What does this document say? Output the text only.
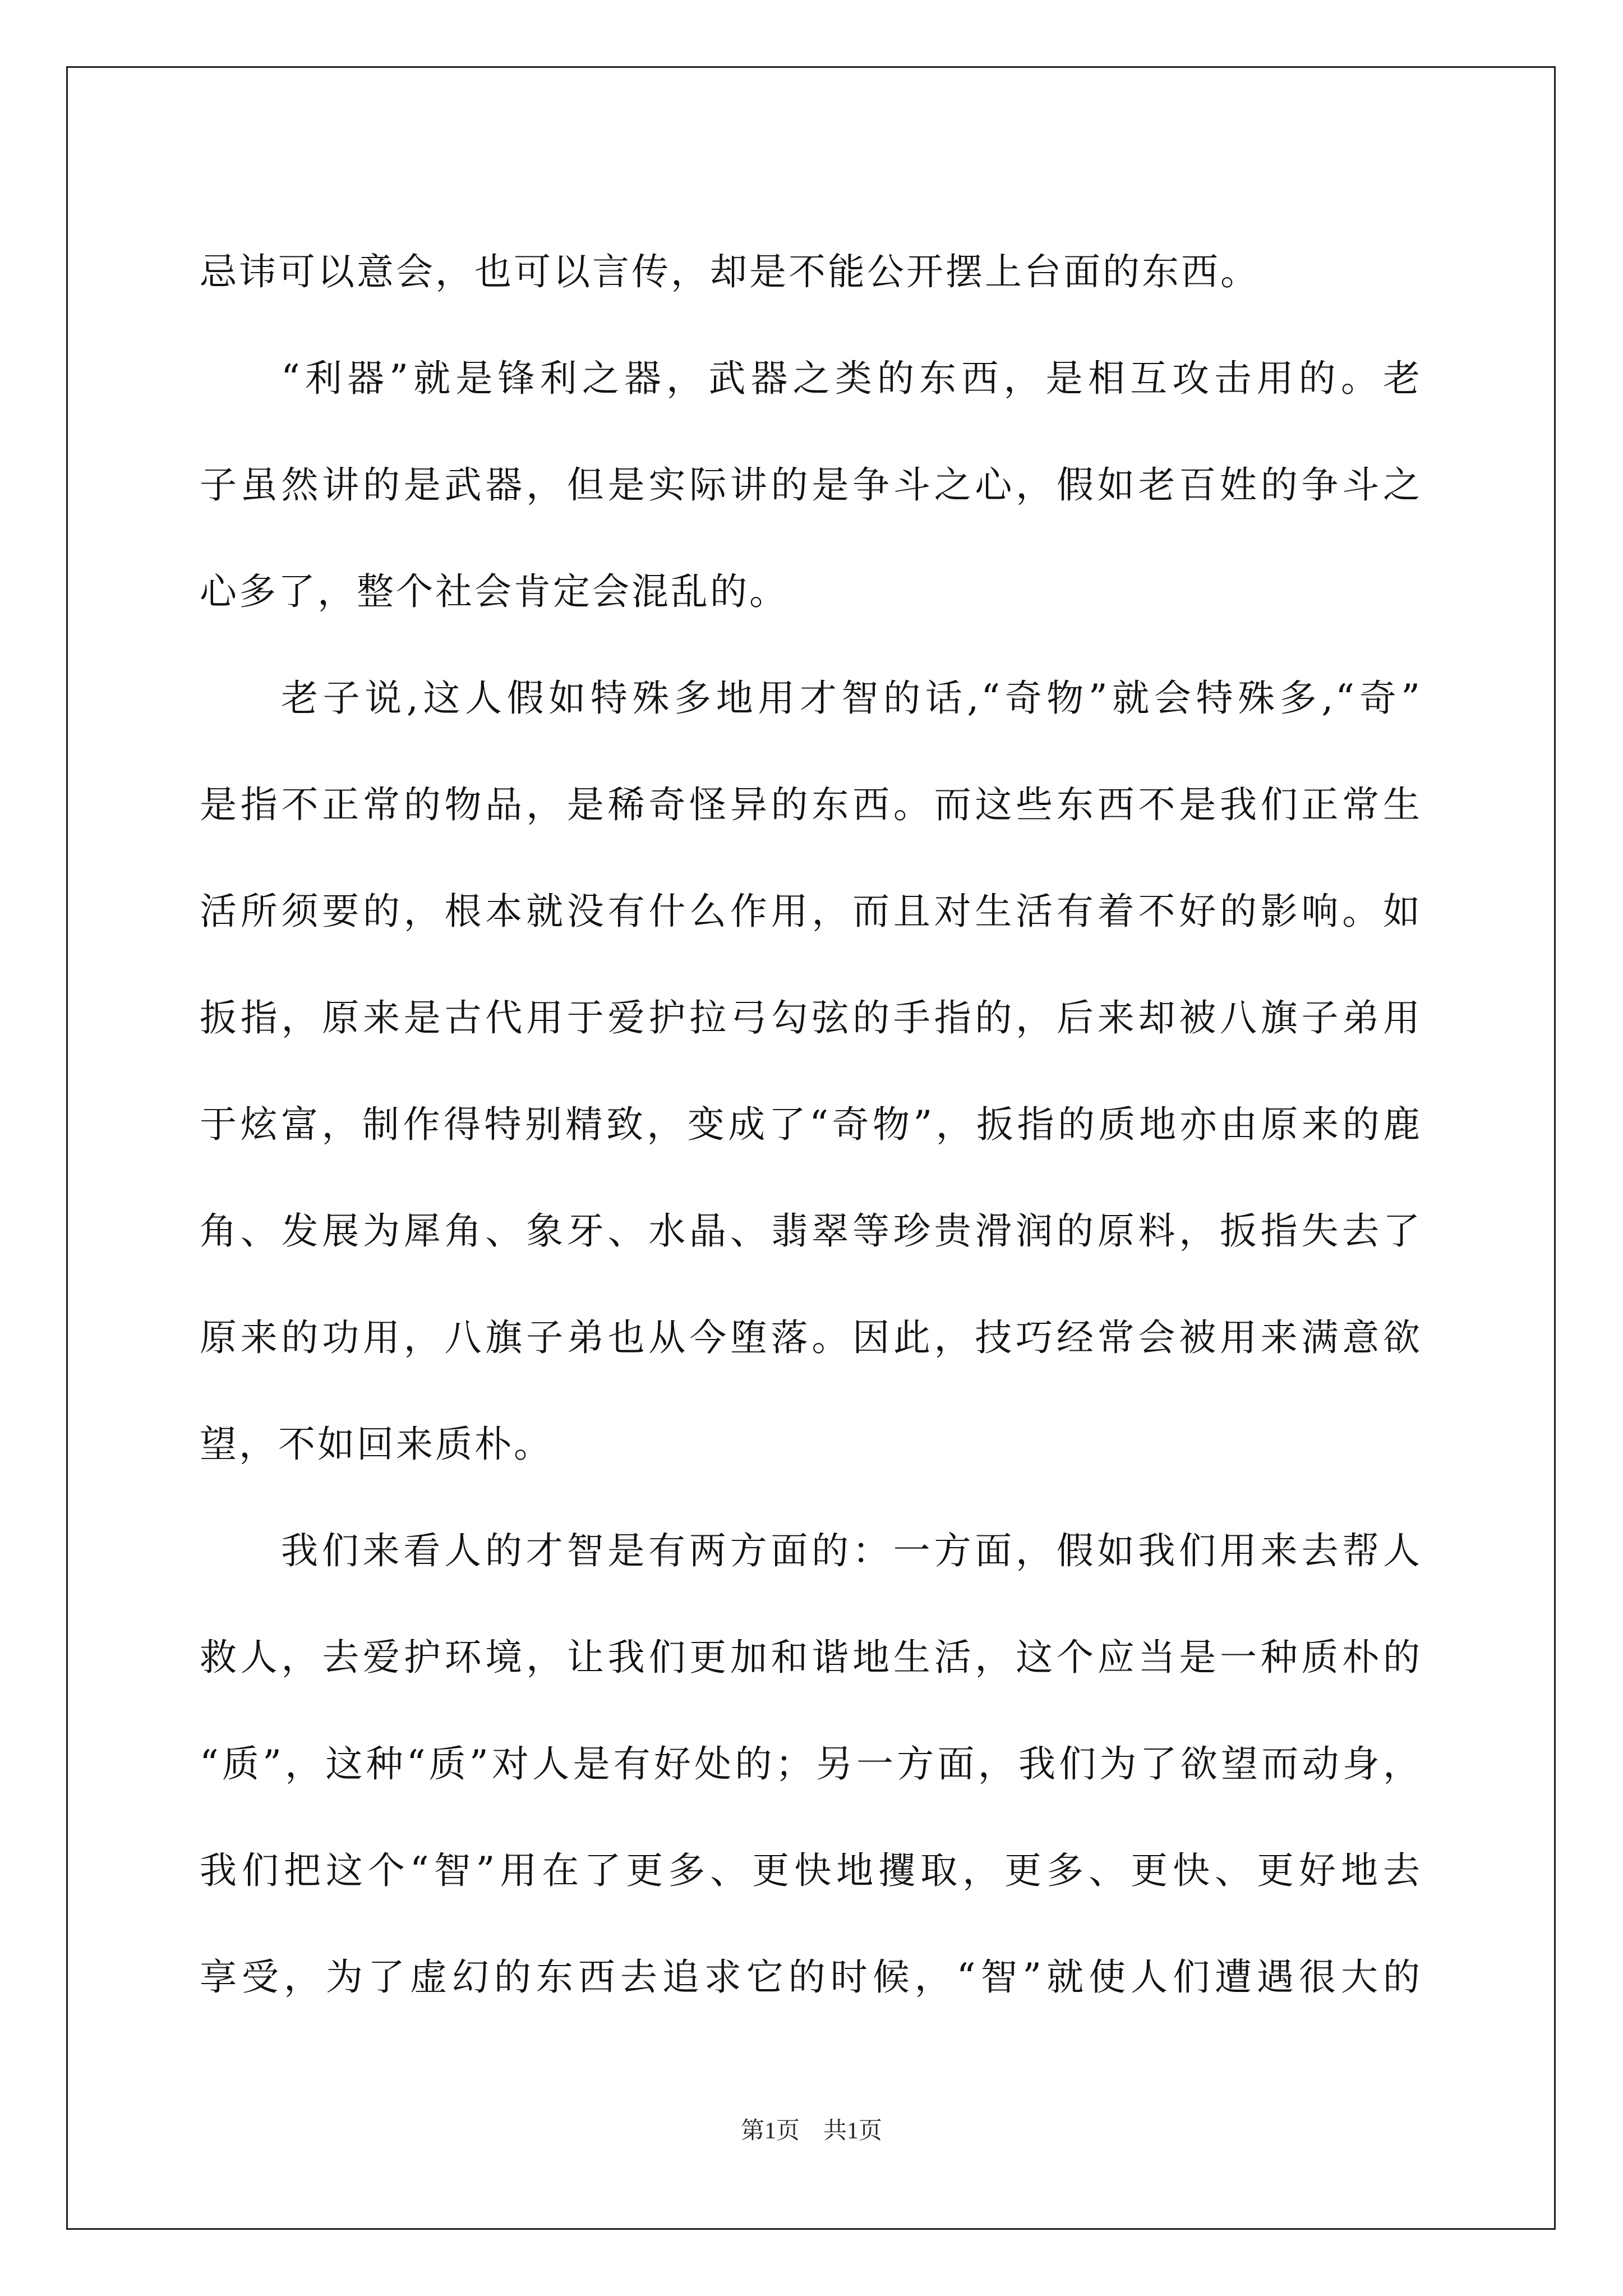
忌讳可以意会，也可以言传，却是不能公开摆上台面的东西。
“利器”就是锋利之器，武器之类的东西，是相互攻击用的。老
子虽然讲的是武器，但是实际讲的是争斗之心，假如老百姓的争斗之
心多了，整个社会肯定会混乱的。
老子说,这人假如特殊多地用才智的话,“奇物”就会特殊多,“奇”
是指不正常的物品，是稀奇怪异的东西。而这些东西不是我们正常生
活所须要的，根本就没有什么作用，而且对生活有着不好的影响。如
扳指，原来是古代用于爱护拉弓勾弦的手指的，后来却被八旗子弟用
于炫富，制作得特别精致，变成了“奇物”，扳指的质地亦由原来的鹿
角、发展为犀角、象牙、水晶、翡翠等珍贵滑润的原料，扳指失去了
原来的功用，八旗子弟也从今堕落。因此，技巧经常会被用来满意欲
望，不如回来质朴。
我们来看人的才智是有两方面的：一方面，假如我们用来去帮人
救人，去爱护环境，让我们更加和谐地生活，这个应当是一种质朴的
“质”，这种“质”对人是有好处的；另一方面，我们为了欲望而动身，
我们把这个“智”用在了更多、更快地攫取，更多、更快、更好地去
享受，为了虚幻的东西去追求它的时候，“智”就使人们遭遇很大的
第1页　共1页
